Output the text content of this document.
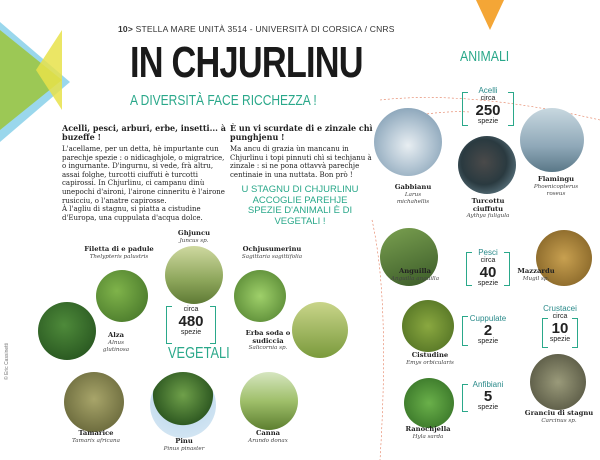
10> STELLA MARE UNITÀ 3514 - UNIVERSITÀ DI CORSICA / CNRS
IN CHJURLINU
A DIVERSITÀ FACE RICCHEZZA !
Acelli, pesci, arburi, erbe, insetti... à buzeffe !

L'acellame, per un detta, hè impurtante cun parechje spezie : o nidicaghjole, o migratrice, o ingurnante. D'ingurnu, si vede, frà altru, assai folghe, turcotti ciuffuti è turcotti capirossi. In Chjurlinu, ci campanu dinù unepochi d'aironi, l'airone cinneritu è l'airone rusicciu, o l'anatre capirosse.

À l'agliu di stagnu, si piatta a cistudine d'Europa, una cuppulata d'acqua dolce.

È un vi scurdate di e zinzale chì punghjenu !

Ma ancu di grazia ùn mancanu in Chjurlinu i topi pinnuti chì si techjanu à zinzale : si ne pona ottavvà parechje centinaie in una nuttata. Bon prò !

U STAGNU DI CHJURLINU ACCOGLIE PAREHJE SPEZIE D'ANIMALI È DI VEGETALI !
Filetta di e padule
Thelypteris palustris
Ghjuncu
Juncus sp.
Ochjusumerinu
Sagittaria sagittifolia
Alza
Alnus glutinosa
circa
480
spezie
VEGETALI
Erba soda o sudiccia
Salicornia sp.
Tamarice
Tamarix africana	Pinu
Pinus pinaster
Canna
Arundo donax
ANIMALI
Acelli
circa
250
spezie
Gabbianu
Larus michahellis	Turcottu ciuffutu
Aythya fuligula
Flamingu
Phoenicopterus roseus
Anguilla
Anguilla anguilla
Pesci
circa
40
spezie
Mazzardu
Mugil sp.
Cistudine
Emys orbicularis
Cuppulate
2
spezie
Crustacei
circa
10
spezie
Granciu di stagnu
Carcinus sp.
Ranochjella
Hyla sarda
Anfibiani
5
spezie
© Eric Cassinetti
